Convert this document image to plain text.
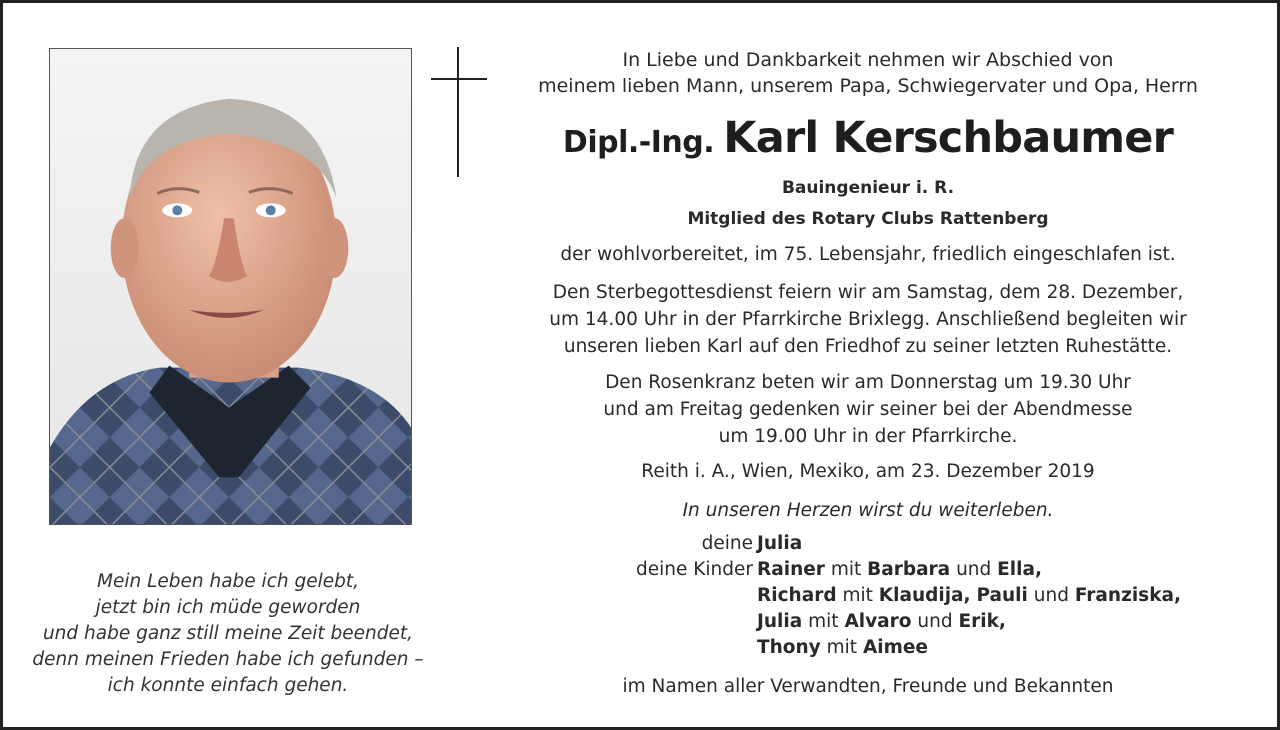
In Liebe und Dankbarkeit nehmen wir Abschied von
meinem lieben Mann, unserem Papa, Schwiegervater und Opa, Herrn
Dipl.-Ing. Karl Kerschbaumer
Bauingenieur i. R.
Mitglied des Rotary Clubs Rattenberg
der wohlvorbereitet, im 75. Lebensjahr, friedlich eingeschlafen ist.
Den Sterbegottesdienst feiern wir am Samstag, dem 28. Dezember,
um 14.00 Uhr in der Pfarrkirche Brixlegg. Anschließend begleiten wir
unseren lieben Karl auf den Friedhof zu seiner letzten Ruhestätte.
Den Rosenkranz beten wir am Donnerstag um 19.30 Uhr
und am Freitag gedenken wir seiner bei der Abendmesse
um 19.00 Uhr in der Pfarrkirche.
Reith i. A., Wien, Mexiko, am 23. Dezember 2019
In unseren Herzen wirst du weiterleben.
deine Julia
deine Kinder Rainer mit Barbara und Ella,
Richard mit Klaudija, Pauli und Franziska,
Julia mit Alvaro und Erik,
Thony mit Aimee
im Namen aller Verwandten, Freunde und Bekannten
Mein Leben habe ich gelebt,
jetzt bin ich müde geworden
und habe ganz still meine Zeit beendet,
denn meinen Frieden habe ich gefunden –
ich konnte einfach gehen.
